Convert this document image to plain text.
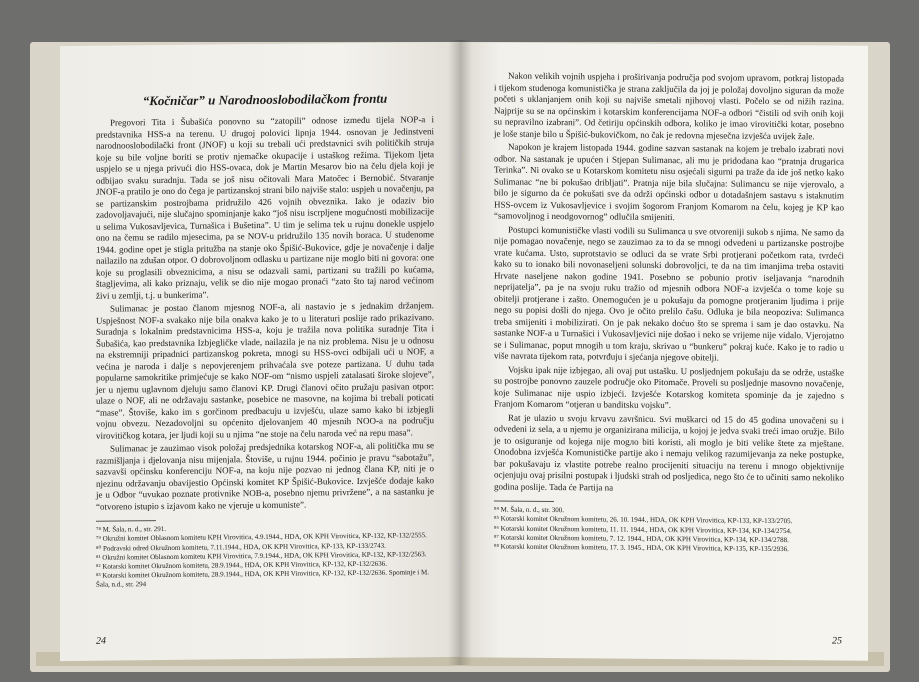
“Kočničar” u Narodnooslobodilačkom frontu

Pregovori Tita i Šubašića ponovno su “zatopili” odnose između tijela NOP-a i predstavnika HSS-a na terenu. U drugoj polovici lipnja 1944. osnovan je Jedinstveni narodnooslobodilački front (JNOF) u koji su trebali ući predstavnici svih političkih struja koje su bile voljne boriti se protiv njemačke okupacije i ustaškog režima. Tijekom ljeta uspjelo se u njega privući dio HSS-ovaca, dok je Martin Mesarov bio na čelu djela koji je odbijao svaku suradnju. Tada se još nisu očitovali Mara Matočec i Bernobić. Stvaranje JNOF-a pratilo je ono do čega je partizanskoj strani bilo najviše stalo: uspjeh u novačenju, pa se partizanskim postrojbama pridružilo 426 vojnih obveznika. Iako je odaziv bio zadovoljavajući, nije slučajno spominjanje kako “još nisu iscrpljene mogućnosti mobilizacije u selima Vukosavljevica, Turnašica i Bušetina”. U tim je selima tek u rujnu donekle uspjelo ono na čemu se radilo mjesecima, pa se NOV-u pridružilo 135 novih boraca. U studenome 1944. godine opet je stigla pritužba na stanje oko Špišić-Bukovice, gdje je novačenje i dalje nailazilo na zdušan otpor. O dobrovoljnom odlasku u partizane nije moglo biti ni govora: one koje su proglasili obveznicima, a nisu se odazvali sami, partizani su tražili po kućama, štagljevima, ali kako priznaju, velik se dio nije mogao pronaći “zato što taj narod većinom živi u zemlji, t.j. u bunkerima”.

Sulimanac je postao članom mjesnog NOF-a, ali nastavio je s jednakim držanjem. Uspješnost NOF-a svakako nije bila onakva kako je to u literaturi poslije rado prikazivano. Suradnja s lokalnim predstavnicima HSS-a, koju je tražila nova politika suradnje Tita i Šubašića, kao predstavnika Izbjegličke vlade, nailazila je na niz problema. Nisu je u odnosu na ekstremniji pripadnici partizanskog pokreta, mnogi su HSS-ovci odbijali ući u NOF, a većina je naroda i dalje s nepovjerenjem prihvaćala sve poteze partizana. U duhu tada popularne samokritike primjećuje se kako NOF-om “nismo uspjeli zatalasati široke slojeve”, jer u njemu uglavnom djeluju samo članovi KP. Drugi članovi očito pružaju pasivan otpor: ulaze o NOF, ali ne održavaju sastanke, posebice ne masovne, na kojima bi trebali poticati “mase”. Štoviše, kako im s gorčinom predbacuju u izvješću, ulaze samo kako bi izbjegli vojnu obvezu. Nezadovoljni su općenito djelovanjem 40 mjesnih NOO-a na području virovitičkog kotara, jer ljudi koji su u njima “ne stoje na čelu naroda već na repu masa”.

Sulimanac je zauzimao visok položaj predsjednika kotarskog NOF-a, ali politička mu se razmišljanja i djelovanja nisu mijenjala. Štoviše, u rujnu 1944. počinio je pravu “sabotažu”, sazvavši općinsku konferenciju NOF-a, na koju nije pozvao ni jednog člana KP, niti je o njezinu održavanju obavijestio Općinski komitet KP Špišić-Bukovice. Izvješće dodaje kako je u Odbor “uvukao poznate protivnike NOB-a, posebno njemu privržene”, a na sastanku je “otvoreno istupio s izjavom kako ne vjeruje u komuniste”.

⁷⁸ M. Šala, n. d., str. 291.
⁷⁹ Okružni komitet Oblasnom komitetu KPH Virovitica, 4.9.1944., HDA, OK KPH Virovitica, KP-132, KP-132/2555.
⁸⁰ Podravski odred Okružnom komitetu, 7.11.1944., HDA, OK KPH Virovitica, KP-133, KP-133/2743.
⁸¹ Okružni komitet Oblasnom komitetu KPH Virovitica, 7.9.1944., HDA, OK KPH Virovitica, KP-132, KP-132/2563.
⁸² Kotarski komitet Okružnom komitetu, 28.9.1944., HDA, OK KPH Virovitica, KP-132, KP-132/2636.
⁸³ Kotarski komitet Okružnom komitetu, 28.9.1944., HDA, OK KPH Virovitica, KP-132, KP-132/2636. Spominje i M. Šala, n.d., str. 294
24

Nakon velikih vojnih uspjeha i proširivanja područja pod svojom upravom, potkraj listopada i tijekom studenoga komunistička je strana zaključila da joj je položaj dovoljno siguran da može početi s uklanjanjem onih koji su najviše smetali njihovoj vlasti. Počelo se od nižih razina. Najprije su se na općinskim i kotarskim konferencijama NOF-a odbori “čistili od svih onih koji su nepravilno izabrani”. Od četiriju općinskih odbora, koliko je imao virovitički kotar, posebno je loše stanje bilo u Špišić-bukovičkom, no čak je redovna mjesečna izvješća uvijek žale.

Napokon je krajem listopada 1944. godine sazvan sastanak na kojem je trebalo izabrati novi odbor. Na sastanak je upućen i Stjepan Sulimanac, ali mu je pridodana kao “pratnja drugarica Terinka”. Ni ovako se u Kotarskom komitetu nisu osjećali sigurni pa traže da ide još netko kako Sulimanac “ne bi pokušao dribljati”. Pratnja nije bila slučajna: Sulimancu se nije vjerovalo, a bilo je sigurno da će pokušati sve da održi općinski odbor u dotadašnjem sastavu s istaknutim HSS-ovcem iz Vukosavljevice i svojim šogorom Franjom Komarom na čelu, kojeg je KP kao “samovoljnog i neodgovornog” odlučila smijeniti.

Postupci komunističke vlasti vodili su Sulimanca u sve otvoreniji sukob s njima. Ne samo da nije pomagao novačenje, nego se zauzimao za to da se mnogi odvedeni u partizanske postrojbe vrate kućama. Usto, suprotstavio se odluci da se vrate Srbi protjerani početkom rata, tvrdeći kako su to ionako bili novonaseljeni solunski dobrovoljci, te da na tim imanjima treba ostaviti Hrvate naseljene nakon godine 1941. Posebno se pobunio protiv iseljavanja “narodnih neprijatelja”, pa je na svoju ruku tražio od mjesnih odbora NOF-a izvješća o tome koje su obitelji protjerane i zašto. Onemogućen je u pokušaju da pomogne protjeranim ljudima i prije nego su popisi došli do njega. Ovo je očito prelilo čašu. Odluka je bila neopoziva: Sulimanca treba smijeniti i mobilizirati. On je pak nekako doćuo što se sprema i sam je dao ostavku. Na sastanke NOF-a u Turnašici i Vukosavljevici nije došao i neko se vrijeme nije vidalo. Vjerojatno se i Sulimanac, poput mnogih u tom kraju, skrivao u “bunkeru” pokraj kuće. Kako je to radio u više navrata tijekom rata, potvrđuju i sjećanja njegove obitelji.

Vojsku ipak nije izbjegao, ali ovaj put ustašku. U posljednjem pokušaju da se održe, ustaške su postrojbe ponovno zauzele područje oko Pitomače. Proveli su posljednje masovno novačenje, koje Sulimanac nije uspio izbjeći. Izvješće Kotarskog komiteta spominje da je zajedno s Franjom Komarom “otjeran u banditsku vojsku”.

Rat je ulazio u svoju krvavu završnicu. Svi muškarci od 15 do 45 godina unovačeni su i odvedeni iz sela, a u njemu je organizirana milicija, u kojoj je jedva svaki treći imao oružje. Bilo je to osiguranje od kojega nije mogло biti koristi, ali moglo je biti velike štete za mještane. Onodobna izvješća Komunističke partije ako i nemaju velikog razumijevanja za neke postupke, bar pokušavaju iz vlastite potrebe realno procijeniti situaciju na terenu i mnogo objektivnije ocjenjuju ovaj prisilni postupak i ljudski strah od posljedica, nego što će to učiniti samo nekoliko godina poslije. Tada će Partija na

⁸⁴ M. Šala, n. d., str. 300.
⁸⁵ Kotarski komitet Okružnom komitetu, 26. 10. 1944., HDA, OK KPH Virovitica, KP-133, KP-133/2705.
⁸⁶ Kotarski komitet Okružnom komitetu, 11. 11. 1944., HDA, OK KPH Virovitica, KP-134, KP-134/2754.
⁸⁷ Kotarski komitet Okružnom komitetu, 7. 12. 1944., HDA, OK KPH Virovitica, KP-134, KP-134/2788.
⁸⁸ Kotarski komitet Okružnom komitetu, 17. 3. 1945., HDA, OK KPH Virovitica, KP-135, KP-135/2936.
25
